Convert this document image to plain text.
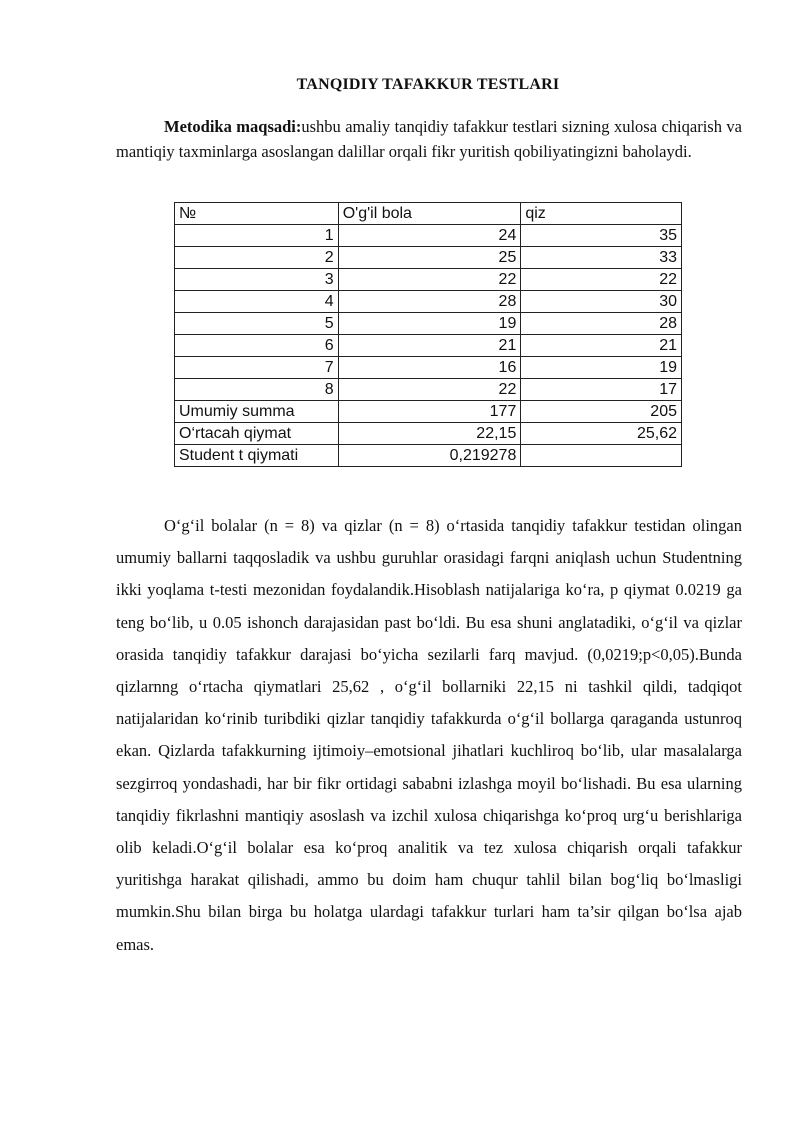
TANQIDIY TAFAKKUR TESTLARI

Metodika maqsadi:ushbu amaliy tanqidiy tafakkur testlari sizning xulosa chiqarish va mantiqiy taxminlarga asoslangan dalillar orqali fikr yuritish qobiliyatingizni baholaydi.

№	O'g'il bola	qiz
1	24	35
2	25	33
3	22	22
4	28	30
5	19	28
6	21	21
7	16	19
8	22	17
Umumiy summa	177	205
O‘rtacah qiymat	22,15	25,62
Student t qiymati	0,219278	

O‘g‘il bolalar (n = 8) va qizlar (n = 8) o‘rtasida tanqidiy tafakkur testidan olingan umumiy ballarni taqqosladik va ushbu guruhlar orasidagi farqni aniqlash uchun Studentning ikki yoqlama t-testi mezonidan foydalandik.Hisoblash natijalariga ko‘ra, p qiymat 0.0219 ga teng bo‘lib, u 0.05 ishonch darajasidan past bo‘ldi. Bu esa shuni anglatadiki, o‘g‘il va qizlar orasida tanqidiy tafakkur darajasi bo‘yicha sezilarli farq mavjud. (0,0219;p<0,05).Bunda qizlarnng o‘rtacha qiymatlari 25,62 , o‘g‘il bollarniki 22,15 ni tashkil qildi, tadqiqot natijalaridan ko‘rinib turibdiki qizlar tanqidiy tafakkurda o‘g‘il bollarga qaraganda ustunroq ekan. Qizlarda tafakkurning ijtimoiy–emotsional jihatlari kuchliroq bo‘lib, ular masalalarga sezgirroq yondashadi, har bir fikr ortidagi sababni izlashga moyil bo‘lishadi. Bu esa ularning tanqidiy fikrlashni mantiqiy asoslash va izchil xulosa chiqarishga ko‘proq urg‘u berishlariga olib keladi.O‘g‘il bolalar esa ko‘proq analitik va tez xulosa chiqarish orqali tafakkur yuritishga harakat qilishadi, ammo bu doim ham chuqur tahlil bilan bog‘liq bo‘lmasligi mumkin.Shu bilan birga bu holatga ulardagi tafakkur turlari ham ta’sir qilgan bo‘lsa ajab emas.
